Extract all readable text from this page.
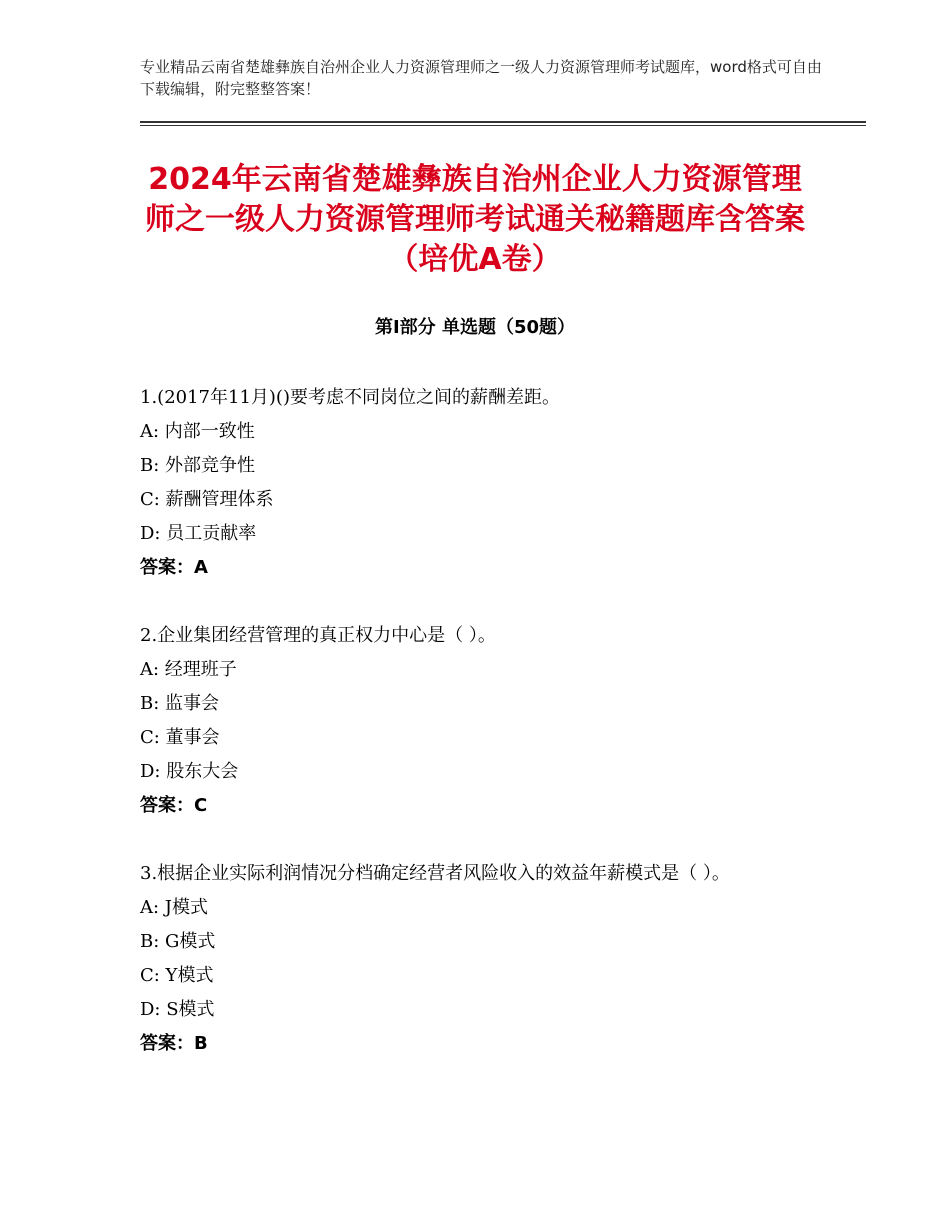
专业精品云南省楚雄彝族自治州企业人力资源管理师之一级人力资源管理师考试题库，word格式可自由下载编辑，附完整整答案！
2024年云南省楚雄彝族自治州企业人力资源管理师之一级人力资源管理师考试通关秘籍题库含答案（培优A卷）
第Ⅰ部分 单选题（50题）

1.(2017年11月)()要考虑不同岗位之间的薪酬差距。

A: 内部一致性

B: 外部竞争性

C: 薪酬管理体系

D: 员工贡献率

答案：A

2.企业集团经营管理的真正权力中心是（ ）。

A: 经理班子

B: 监事会

C: 董事会

D: 股东大会

答案：C

3.根据企业实际利润情况分档确定经营者风险收入的效益年薪模式是（ ）。

A: J模式

B: G模式

C: Y模式

D: S模式

答案：B
